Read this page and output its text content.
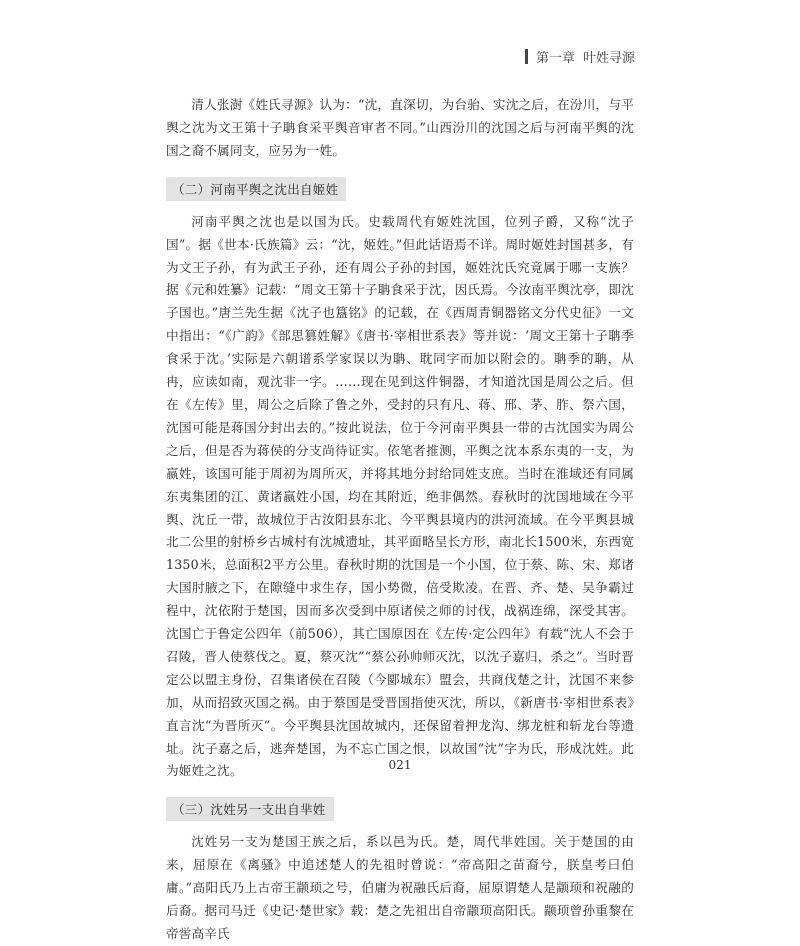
第一章 叶姓寻源

清人张澍《姓氏寻源》认为：“沈，直深切，为台骀、实沈之后，在汾川，与平舆之沈为文王第十子聃食采平舆音审者不同。”山西汾川的沈国之后与河南平舆的沈国之裔不属同支，应另为一姓。

（二）河南平舆之沈出自姬姓

河南平舆之沈也是以国为氏。史载周代有姬姓沈国，位列子爵，又称“沈子国”。据《世本·氏族篇》云：“沈，姬姓。”但此话语焉不详。周时姬姓封国甚多，有为文王子孙，有为武王子孙，还有周公子孙的封国，姬姓沈氏究竟属于哪一支族？据《元和姓纂》记载：“周文王第十子聃食采于沈，因氏焉。今汝南平舆沈亭，即沈子国也。”唐兰先生据《沈子也簋铭》的记载，在《西周青铜器铭文分代史征》一文中指出：“《广韵》《部思篡姓解》《唐书·宰相世系表》等并说：‘周文王第十子聃季食采于沈。’实际是六朝谱系学家误以为聃、耽同字而加以附会的。聃季的聃，从冉，应读如南，观沈非一字。……现在见到这件铜器，才知道沈国是周公之后。但在《左传》里，周公之后除了鲁之外，受封的只有凡、蒋、邢、茅、胙、祭六国，沈国可能是蒋国分封出去的。”按此说法，位于今河南平舆县一带的古沈国实为周公之后，但是否为蒋侯的分支尚待证实。依笔者推测，平舆之沈本系东夷的一支，为嬴姓，该国可能于周初为周所灭，并将其地分封给同姓支庶。当时在淮域还有同属东夷集团的江、黄诸嬴姓小国，均在其附近，绝非偶然。春秋时的沈国地域在今平舆、沈丘一带，故城位于古汝阳县东北、今平舆县境内的洪河流域。在今平舆县城北二公里的射桥乡古城村有沈城遗址，其平面略呈长方形，南北长1500米，东西宽1350米，总面积2平方公里。春秋时期的沈国是一个小国，位于蔡、陈、宋、郑诸大国肘腋之下，在隙缝中求生存，国小势微，倍受欺凌。在晋、齐、楚、吴争霸过程中，沈依附于楚国，因而多次受到中原诸侯之师的讨伐，战祸连绵，深受其害。沈国亡于鲁定公四年（前506），其亡国原因在《左传·定公四年》有载“沈人不会于召陵，晋人使蔡伐之。夏，蔡灭沈”“蔡公孙帅师灭沈，以沈子嘉归，杀之”。当时晋定公以盟主身份，召集诸侯在召陵（今郾城东）盟会，共商伐楚之计，沈国不来参加，从而招致灭国之祸。由于蔡国是受晋国指使灭沈，所以，《新唐书·宰相世系表》直言沈“为晋所灭”。今平舆县沈国故城内，还保留着押龙沟、绑龙桩和斩龙台等遗址。沈子嘉之后，逃奔楚国，为不忘亡国之恨，以故国“沈”字为氏，形成沈姓。此为姬姓之沈。

（三）沈姓另一支出自芈姓

沈姓另一支为楚国王族之后，系以邑为氏。楚，周代芈姓国。关于楚国的由来，屈原在《离骚》中追述楚人的先祖时曾说：“帝高阳之苗裔兮，朕皇考曰伯庸。”高阳氏乃上古帝王颛顼之号，伯庸为祝融氏后裔，屈原谓楚人是颛顼和祝融的后裔。据司马迁《史记·楚世家》载：楚之先祖出自帝颛顼高阳氏。颛顼曾孙重黎在帝喾高辛氏

021
